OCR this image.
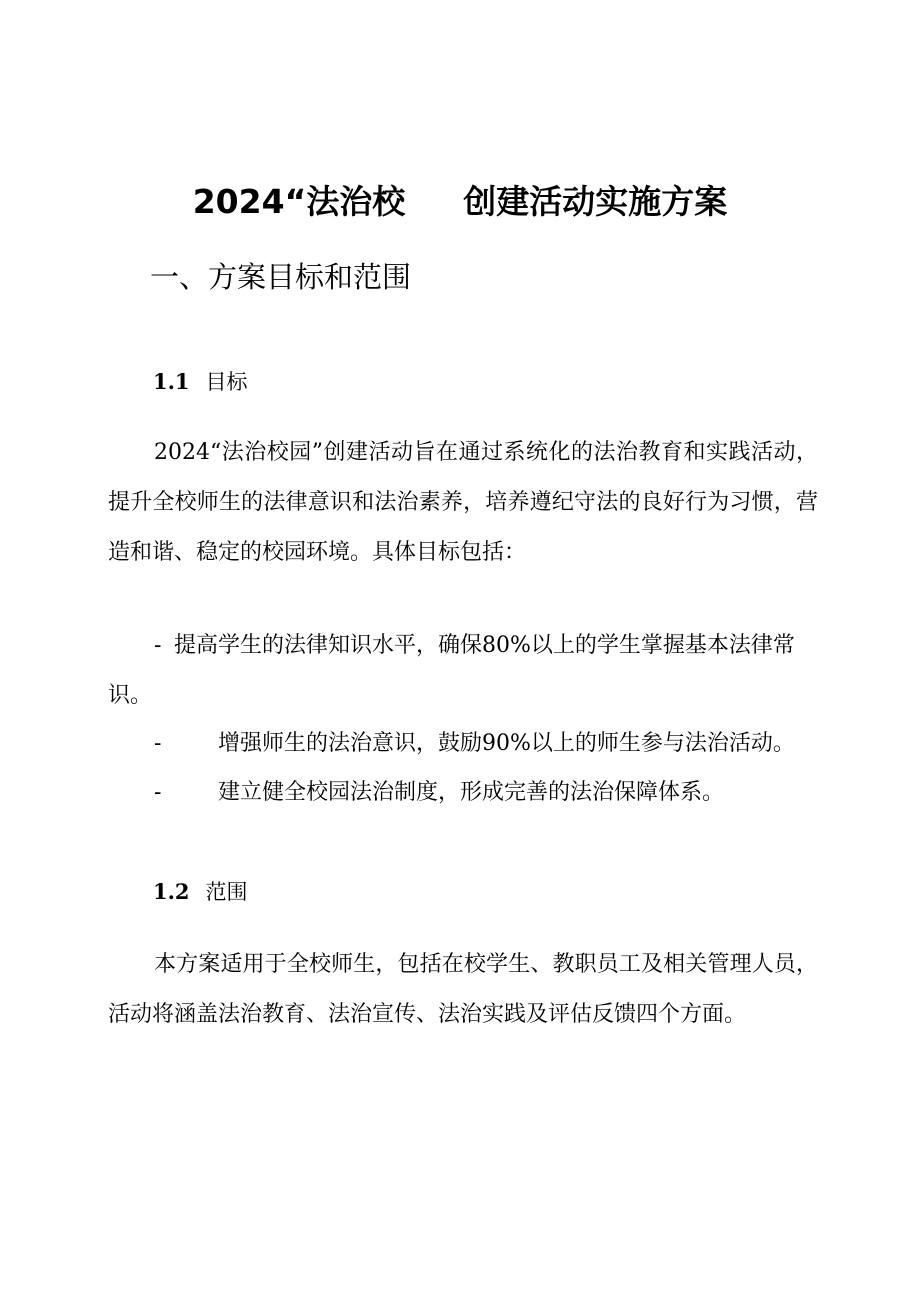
2024“法治校 创建活动实施方案
一、方案目标和范围
1.1 目标
2024“法治校园”创建活动旨在通过系统化的法治教育和实践活动，提升全校师生的法律意识和法治素养，培养遵纪守法的良好行为习惯，营造和谐、稳定的校园环境。具体目标包括：
- 提高学生的法律知识水平，确保80%以上的学生掌握基本法律常识。
-	增强师生的法治意识，鼓励90%以上的师生参与法治活动。
-	建立健全校园法治制度，形成完善的法治保障体系。
1.2 范围
本方案适用于全校师生，包括在校学生、教职员工及相关管理人员，活动将涵盖法治教育、法治宣传、法治实践及评估反馈四个方面。
